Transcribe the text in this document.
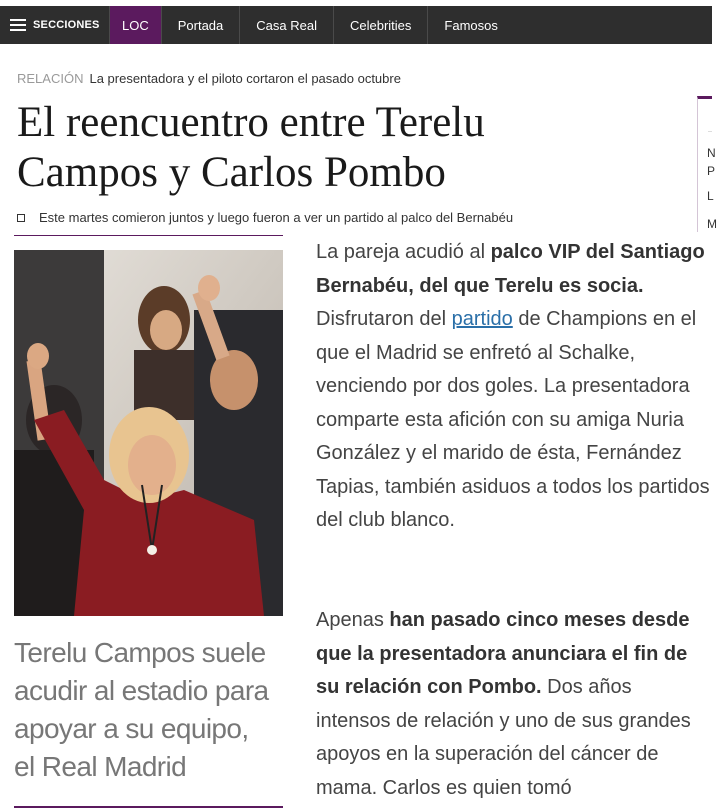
SECCIONES	LOC	Portada	Casa Real	Celebrities	Famosos
RELACIÓN La presentadora y el piloto cortaron el pasado octubre
El reencuentro entre Terelu Campos y Carlos Pombo
Este martes comieron juntos y luego fueron a ver un partido al palco del Bernabéu
N
P
L
M

Terelu Campos suele acudir al estadio para apoyar a su equipo, el Real Madrid

La pareja acudió al palco VIP del Santiago Bernabéu, del que Terelu es socia. Disfrutaron del partido de Champions en el que el Madrid se enfretó al Schalke, venciendo por dos goles. La presentadora comparte esta afición con su amiga Nuria González y el marido de ésta, Fernández Tapias, también asiduos a todos los partidos del club blanco.

Apenas han pasado cinco meses desde que la presentadora anunciara el fin de su relación con Pombo. Dos años intensos de relación y uno de sus grandes apoyos en la superación del cáncer de mama. Carlos es quien tomó
